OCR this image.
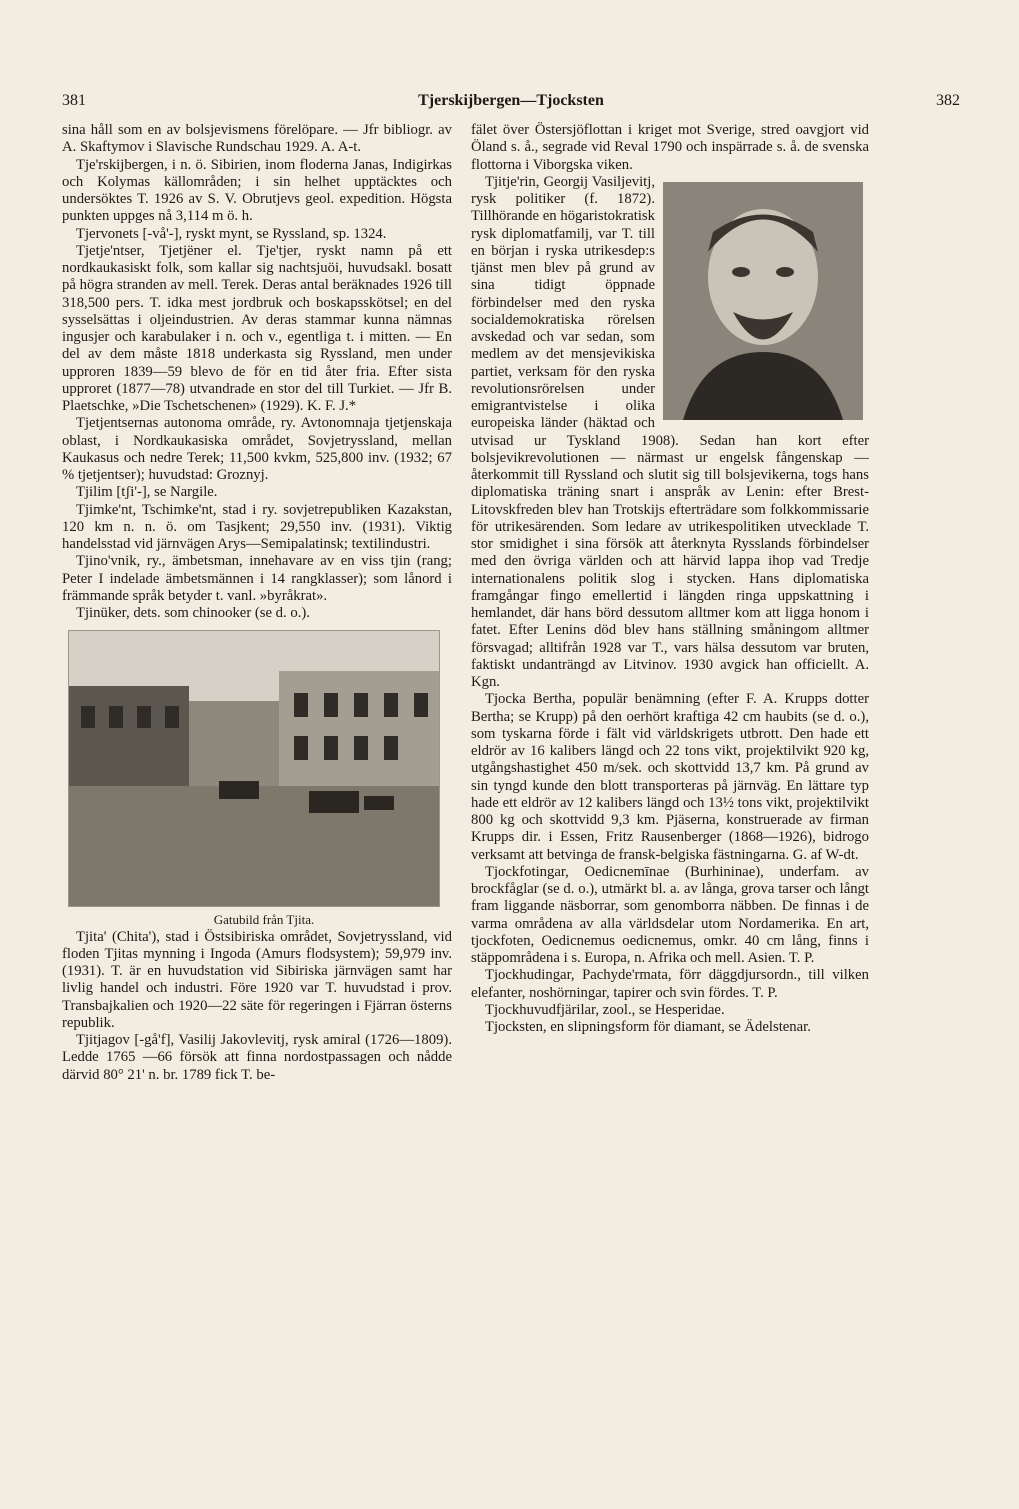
381	Tjerskijbergen—Tjocksten	382

sina håll som en av bolsjevismens förelöpare. — Jfr bibliogr. av A. Skaftymov i Slavische Rundschau 1929. A. A-t.

Tje'rskijbergen, i n. ö. Sibirien, inom floderna Janas, Indigirkas och Kolymas källområden; i sin helhet upptäcktes och undersöktes T. 1926 av S. V. Obrutjevs geol. expedition. Högsta punkten uppges nå 3,114 m ö. h.

Tjervonets [-vå'-], ryskt mynt, se Ryssland, sp. 1324.

Tjetje'ntser, Tjetjëner el. Tje'tjer, ryskt namn på ett nordkaukasiskt folk, som kallar sig nachtsjuöi, huvudsakl. bosatt på högra stranden av mell. Terek. Deras antal beräknades 1926 till 318,500 pers. T. idka mest jordbruk och boskapsskötsel; en del sysselsättas i oljeindustrien. Av deras stammar kunna nämnas ingusjer och karabulaker i n. och v., egentliga t. i mitten. — En del av dem måste 1818 underkasta sig Ryssland, men under upproren 1839—59 blevo de för en tid åter fria. Efter sista upproret (1877—78) utvandrade en stor del till Turkiet. — Jfr B. Plaetschke, »Die Tschetschenen» (1929). K. F. J.*

Tjetjentsernas autonoma område, ry. Avtonomnaja tjetjenskaja oblast, i Nordkaukasiska området, Sovjetryssland, mellan Kaukasus och nedre Terek; 11,500 kvkm, 525,800 inv. (1932; 67 % tjetjentser); huvudstad: Groznyj.

Tjilim [tʃi'-], se Nargile.

Tjimke'nt, Tschimke'nt, stad i ry. sovjetrepubliken Kazakstan, 120 km n. n. ö. om Tasjkent; 29,550 inv. (1931). Viktig handelsstad vid järnvägen Arys—Semipalatinsk; textilindustri.

Tjino'vnik, ry., ämbetsman, innehavare av en viss tjin (rang; Peter I indelade ämbetsmännen i 14 rangklasser); som lånord i främmande språk betyder t. vanl. »byråkrat».

Tjinüker, dets. som chinooker (se d. o.).

Gatubild från Tjita.

Tjita' (Chita'), stad i Östsibiriska området, Sovjetryssland, vid floden Tjitas mynning i Ingoda (Amurs flodsystem); 59,979 inv. (1931). T. är en huvudstation vid Sibiriska järnvägen samt har livlig handel och industri. Före 1920 var T. huvudstad i prov. Transbajkalien och 1920—22 säte för regeringen i Fjärran österns republik.

Tjitjagov [-gå'f], Vasilij Jakovlevitj, rysk amiral (1726—1809). Ledde 1765 —66 försök att finna nordostpassagen och nådde därvid 80° 21' n. br. 1789 fick T. be-

fälet över Östersjöflottan i kriget mot Sverige, stred oavgjort vid Öland s. å., segrade vid Reval 1790 och inspärrade s. å. de svenska flottorna i Viborgska viken.

Tjitje'rin, Georgij Vasiljevitj, rysk politiker (f. 1872). Tillhörande en högaristokratisk rysk diplomatfamilj, var T. till en början i ryska utrikesdep:s tjänst men blev på grund av sina tidigt öppnade förbindelser med den ryska socialdemokratiska rörelsen avskedad och var sedan, som medlem av det mensjevikiska partiet, verksam för den ryska revolutionsrörelsen under emigrantvistelse i olika europeiska länder (häktad och utvisad ur Tyskland 1908). Sedan han kort efter bolsjevikrevolutionen — närmast ur engelsk fångenskap — återkommit till Ryssland och slutit sig till bolsjevikerna, togs hans diplomatiska träning snart i anspråk av Lenin: efter Brest-Litovskfreden blev han Trotskijs efterträdare som folkkommissarie för utrikesärenden. Som ledare av utrikespolitiken utvecklade T. stor smidighet i sina försök att återknyta Rysslands förbindelser med den övriga världen och att härvid lappa ihop vad Tredje internationalens politik slog i stycken. Hans diplomatiska framgångar fingo emellertid i längden ringa uppskattning i hemlandet, där hans börd dessutom alltmer kom att ligga honom i fatet. Efter Lenins död blev hans ställning småningom alltmer försvagad; alltifrån 1928 var T., vars hälsa dessutom var bruten, faktiskt undanträngd av Litvinov. 1930 avgick han officiellt. A. Kgn.

Tjocka Bertha, populär benämning (efter F. A. Krupps dotter Bertha; se Krupp) på den oerhört kraftiga 42 cm haubits (se d. o.), som tyskarna förde i fält vid världskrigets utbrott. Den hade ett eldrör av 16 kalibers längd och 22 tons vikt, projektilvikt 920 kg, utgångshastighet 450 m/sek. och skottvidd 13,7 km. På grund av sin tyngd kunde den blott transporteras på järnväg. En lättare typ hade ett eldrör av 12 kalibers längd och 13½ tons vikt, projektilvikt 800 kg och skottvidd 9,3 km. Pjäserna, konstruerade av firman Krupps dir. i Essen, Fritz Rausenberger (1868—1926), bidrogo verksamt att betvinga de fransk-belgiska fästningarna. G. af W-dt.

Tjockfotingar, Oedicnemīnae (Burhininae), underfam. av brockfåglar (se d. o.), utmärkt bl. a. av långa, grova tarser och långt fram liggande näsborrar, som genomborra näbben. De finnas i de varma områdena av alla världsdelar utom Nordamerika. En art, tjockfoten, Oedicnemus oedicnemus, omkr. 40 cm lång, finns i stäppområdena i s. Europa, n. Afrika och mell. Asien. T. P.

Tjockhudingar, Pachyde'rmata, förr däggdjursordn., till vilken elefanter, noshörningar, tapirer och svin fördes. T. P.

Tjockhuvudfjärilar, zool., se Hesperidae.

Tjocksten, en slipningsform för diamant, se Ädelstenar.
